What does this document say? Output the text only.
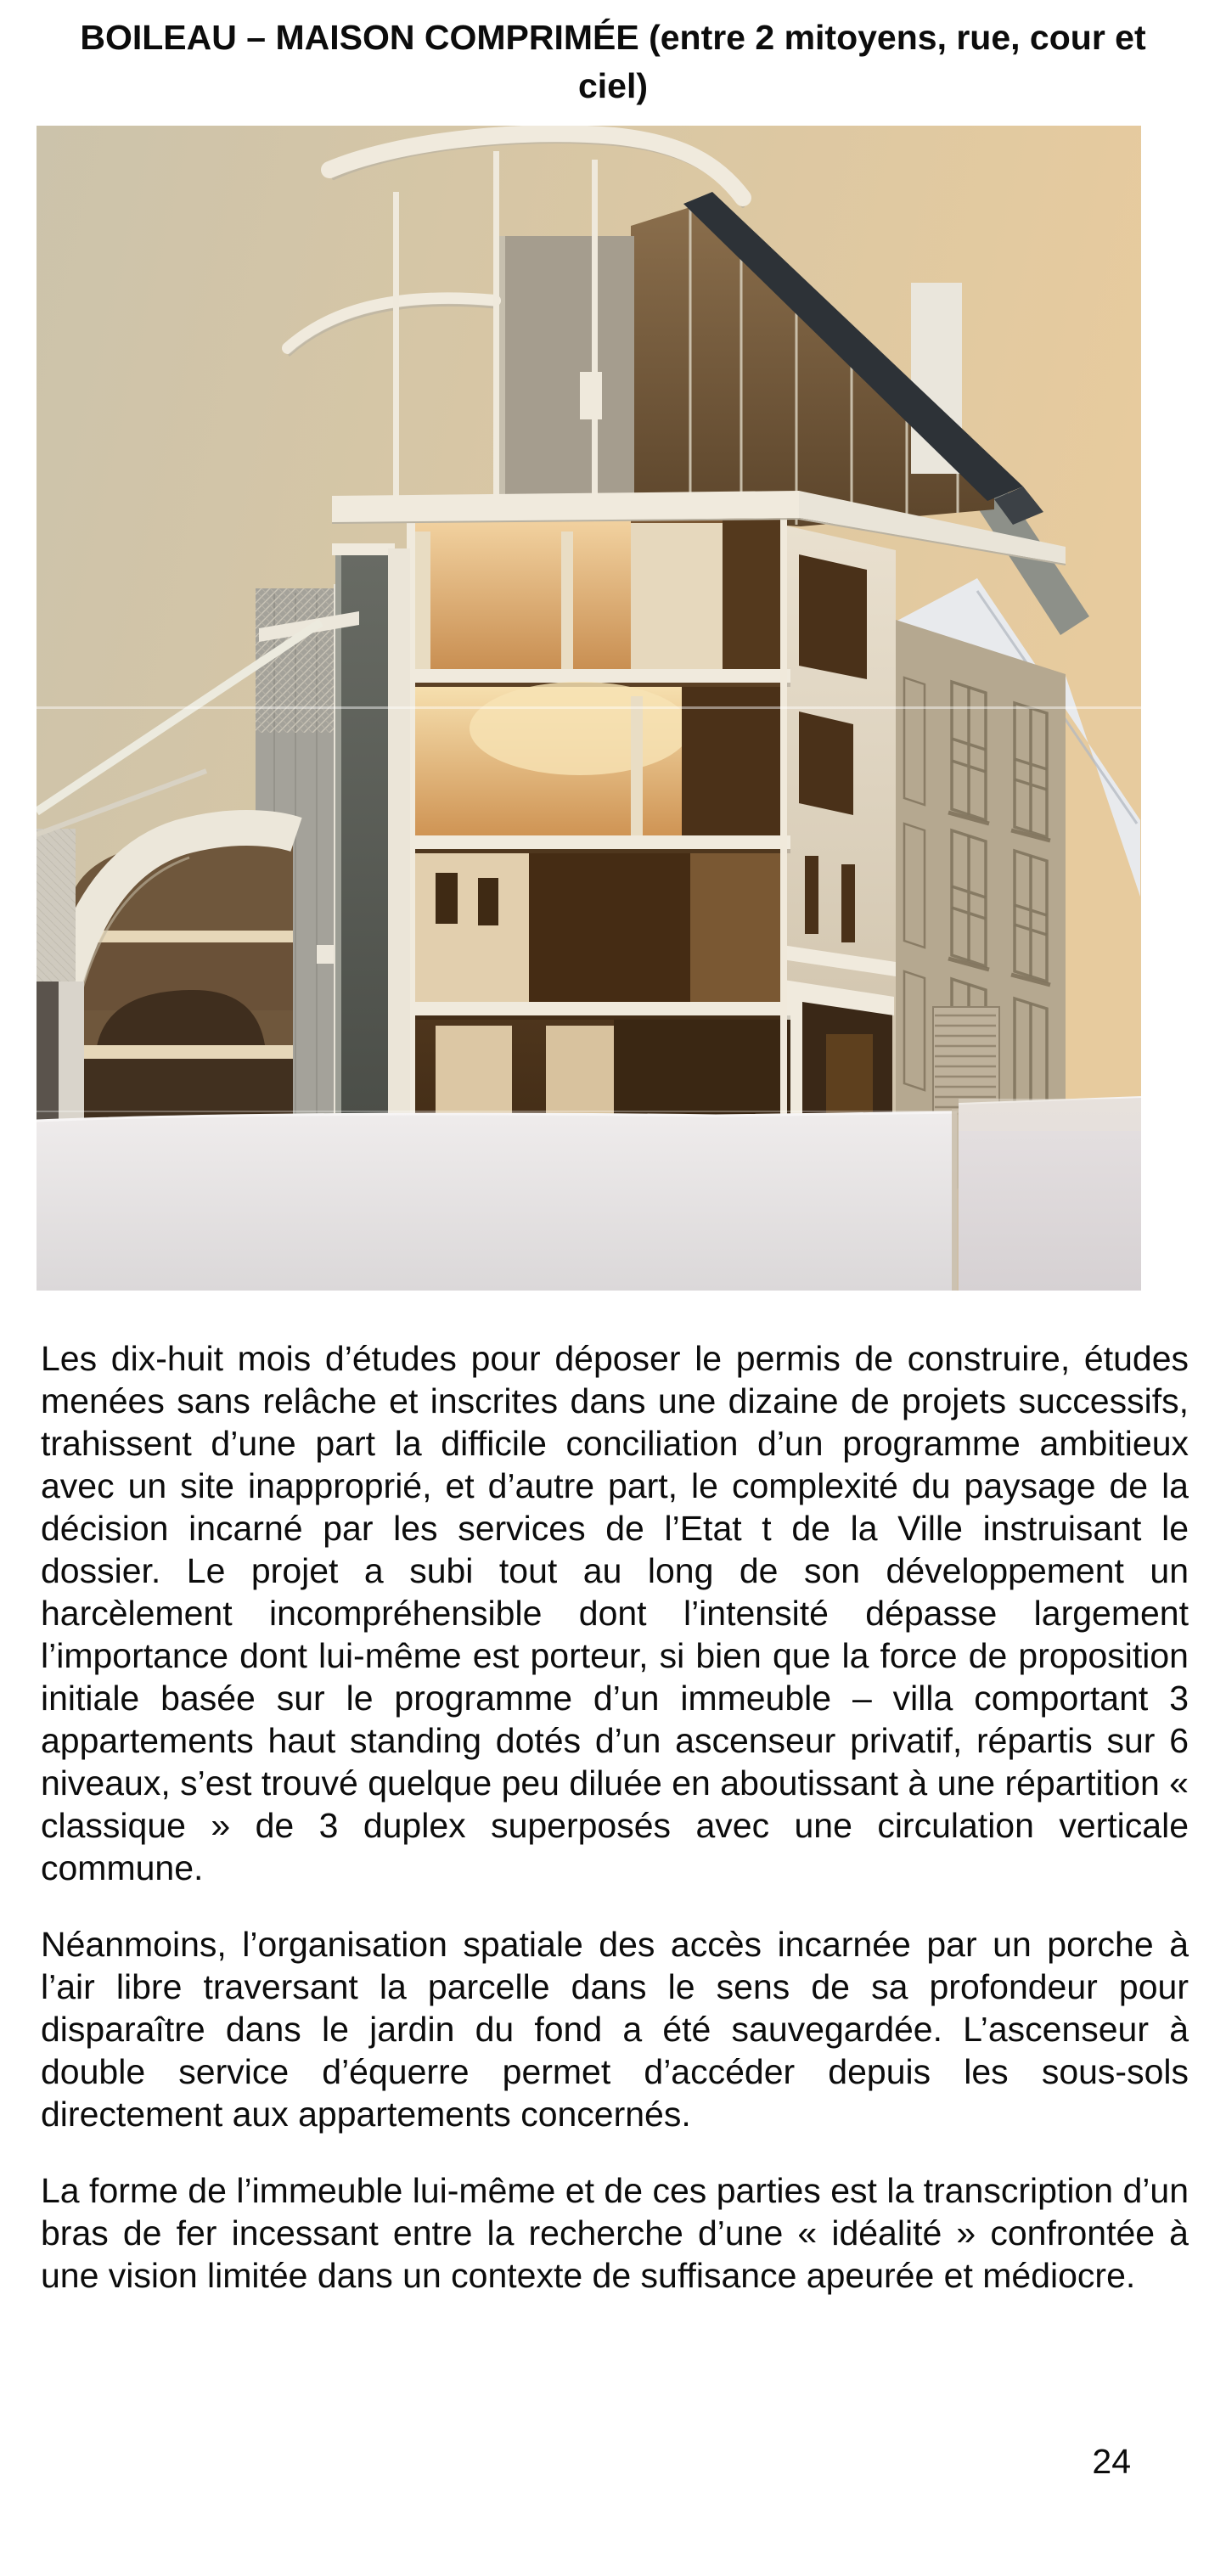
BOILEAU – MAISON COMPRIMÉE (entre 2 mitoyens, rue, cour et ciel)

Les dix-huit mois d’études pour déposer le permis de construire, études menées sans relâche et inscrites dans une dizaine de projets successifs, trahissent d’une part la difficile conciliation d’un programme ambitieux avec un site inapproprié, et d’autre part, le complexité du paysage de la décision incarné par les services de l’Etat t de la Ville instruisant le dossier. Le projet a subi tout au long de son développement un harcèlement incompréhensible dont l’intensité dépasse largement l’importance dont lui-même est porteur, si bien que la force de proposition initiale basée sur le programme d’un immeuble – villa comportant 3 appartements haut standing dotés d’un ascenseur privatif, répartis sur 6 niveaux, s’est trouvé quelque peu diluée en aboutissant à une répartition « classique » de 3 duplex superposés avec une circulation verticale commune.

Néanmoins, l’organisation spatiale des accès incarnée par un porche à l’air libre traversant la parcelle dans le sens de sa profondeur pour disparaître dans le jardin du fond a été sauvegardée. L’ascenseur à double service d’équerre permet d’accéder depuis les sous-sols directement aux appartements concernés.

La forme de l’immeuble lui-même et de ces parties est la transcription d’un bras de fer incessant entre la recherche d’une « idéalité » confrontée à une vision limitée dans un contexte de suffisance apeurée et médiocre.

24
